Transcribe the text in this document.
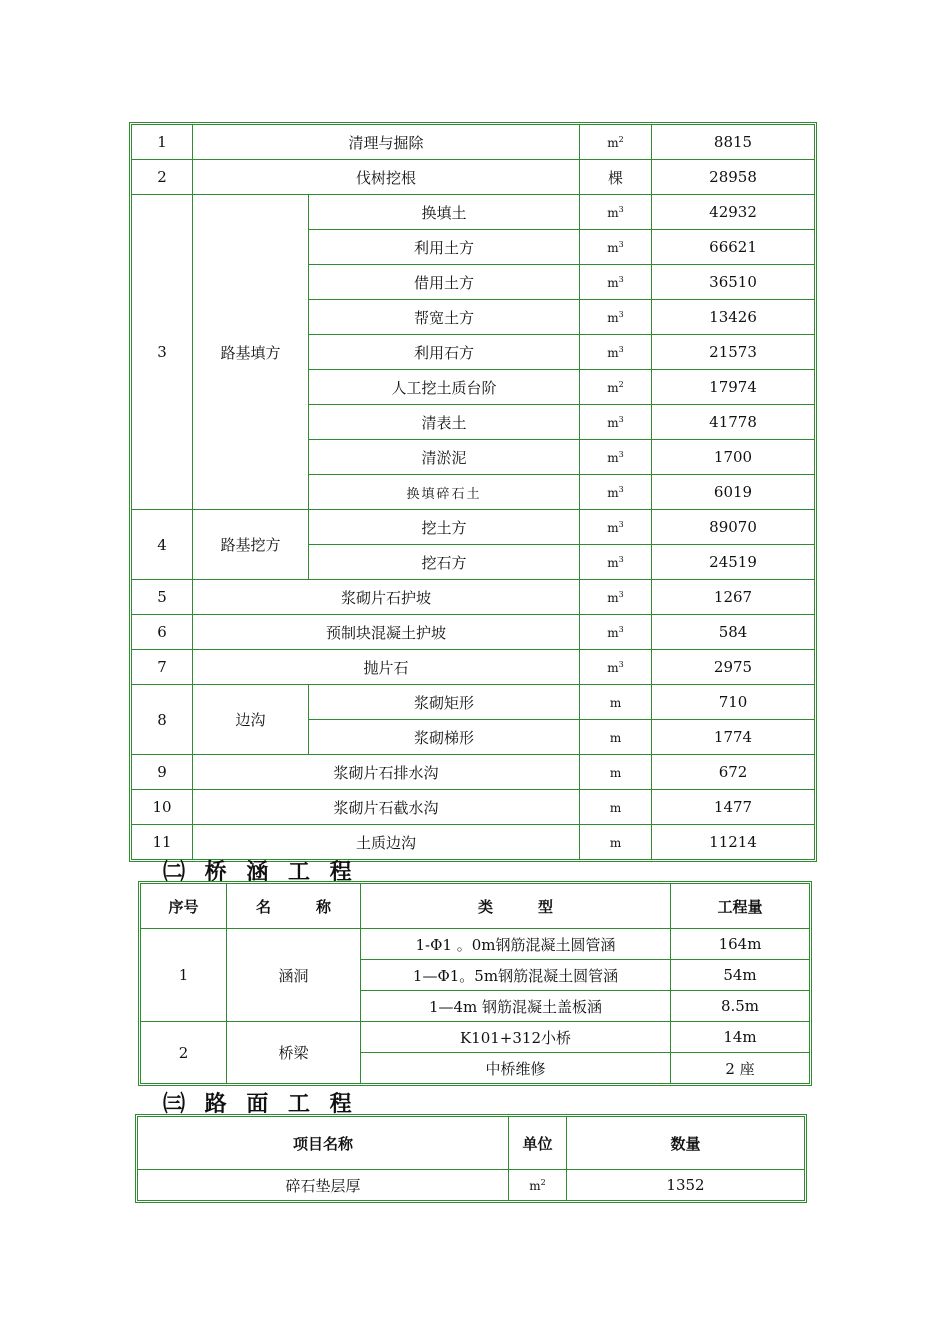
1	清理与掘除		$m^2$	8815
2	伐树挖根		棵	28958
3	路基填方	换填土	$m^3$	42932
		利用土方	$m^3$	66621
		借用土方	$m^3$	36510
		帮宽土方	$m^3$	13426
		利用石方	$m^3$	21573
		人工挖土质台阶	$m^2$	17974
		清表土	$m^3$	41778
		清淤泥	$m^3$	1700
		换填碎石土	$m^3$	6019
4	路基挖方	挖土方	$m^3$	89070
		挖石方	$m^3$	24519
5	浆砌片石护坡		$m^3$	1267
6	预制块混凝土护坡		$m^3$	584
7	抛片石		$m^3$	2975
8	边沟	浆砌矩形	m	710
		浆砌梯形	m	1774
9	浆砌片石排水沟		m	672
10	浆砌片石截水沟		m	1477
11	土质边沟		m	11214

㈡ 桥 涵 工 程

序号	名　　　称	类　　　型	工程量
1	涵洞	1-Φ1 。0m钢筋混凝土圆管涵	164m
		1—Φ1。5m钢筋混凝土圆管涵	54m
		1—4m 钢筋混凝土盖板涵	8.5m
2	桥梁	K101+312小桥	14m
		中桥维修	2 座

㈢ 路 面 工 程

项目名称	单位	数量
碎石垫层厚	$m^2$	1352
